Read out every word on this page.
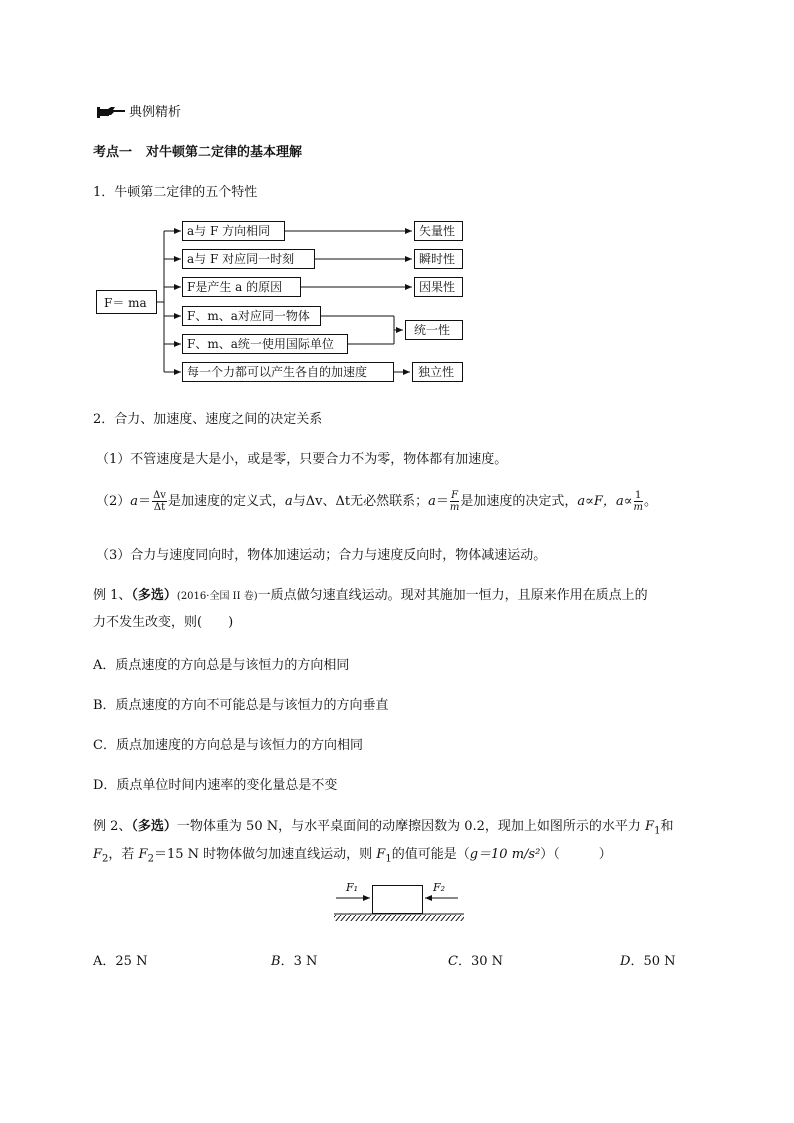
典例精析
考点一 对牛顿第二定律的基本理解
1．牛顿第二定律的五个特性
F＝ ma
a与 F 方向相同
a与 F 对应同一时刻
F是产生 a 的原因
F、m、a对应同一物体
F、m、a统一使用国际单位
每一个力都可以产生各自的加速度
矢量性
瞬时性
因果性
统一性
独立性
2．合力、加速度、速度之间的决定关系
（1）不管速度是大是小，或是零，只要合力不为零，物体都有加速度。
$(2)a= \frac{\Delta v}{\Delta t}$ 是加速度的定义式，a与Δv、Δt无必然联系；$a= \frac{F}{m}$是加速度的决定式，a∝F，$a\propto \frac{1}{m}$。
（3）合力与速度同向时，物体加速运动；合力与速度反向时，物体减速运动。
例 1、（多选）(2016·全国 II 卷)一质点做匀速直线运动。现对其施加一恒力，且原来作用在质点上的
力不发生改变，则(　　)
A．质点速度的方向总是与该恒力的方向相同
B．质点速度的方向不可能总是与该恒力的方向垂直
C．质点加速度的方向总是与该恒力的方向相同
D．质点单位时间内速率的变化量总是不变
例 2、（多选）一物体重为 50 N，与水平桌面间的动摩擦因数为 0.2，现加上如图所示的水平力 $F_1$和
$F_2$，若 $F_2=15$ N 时物体做匀加速直线运动，则 $F_1$的值可能是（g＝10 m/s²）（　　　）
F₁	F₂
A．25 N	B．3 N	C．30 N	D．50 N
